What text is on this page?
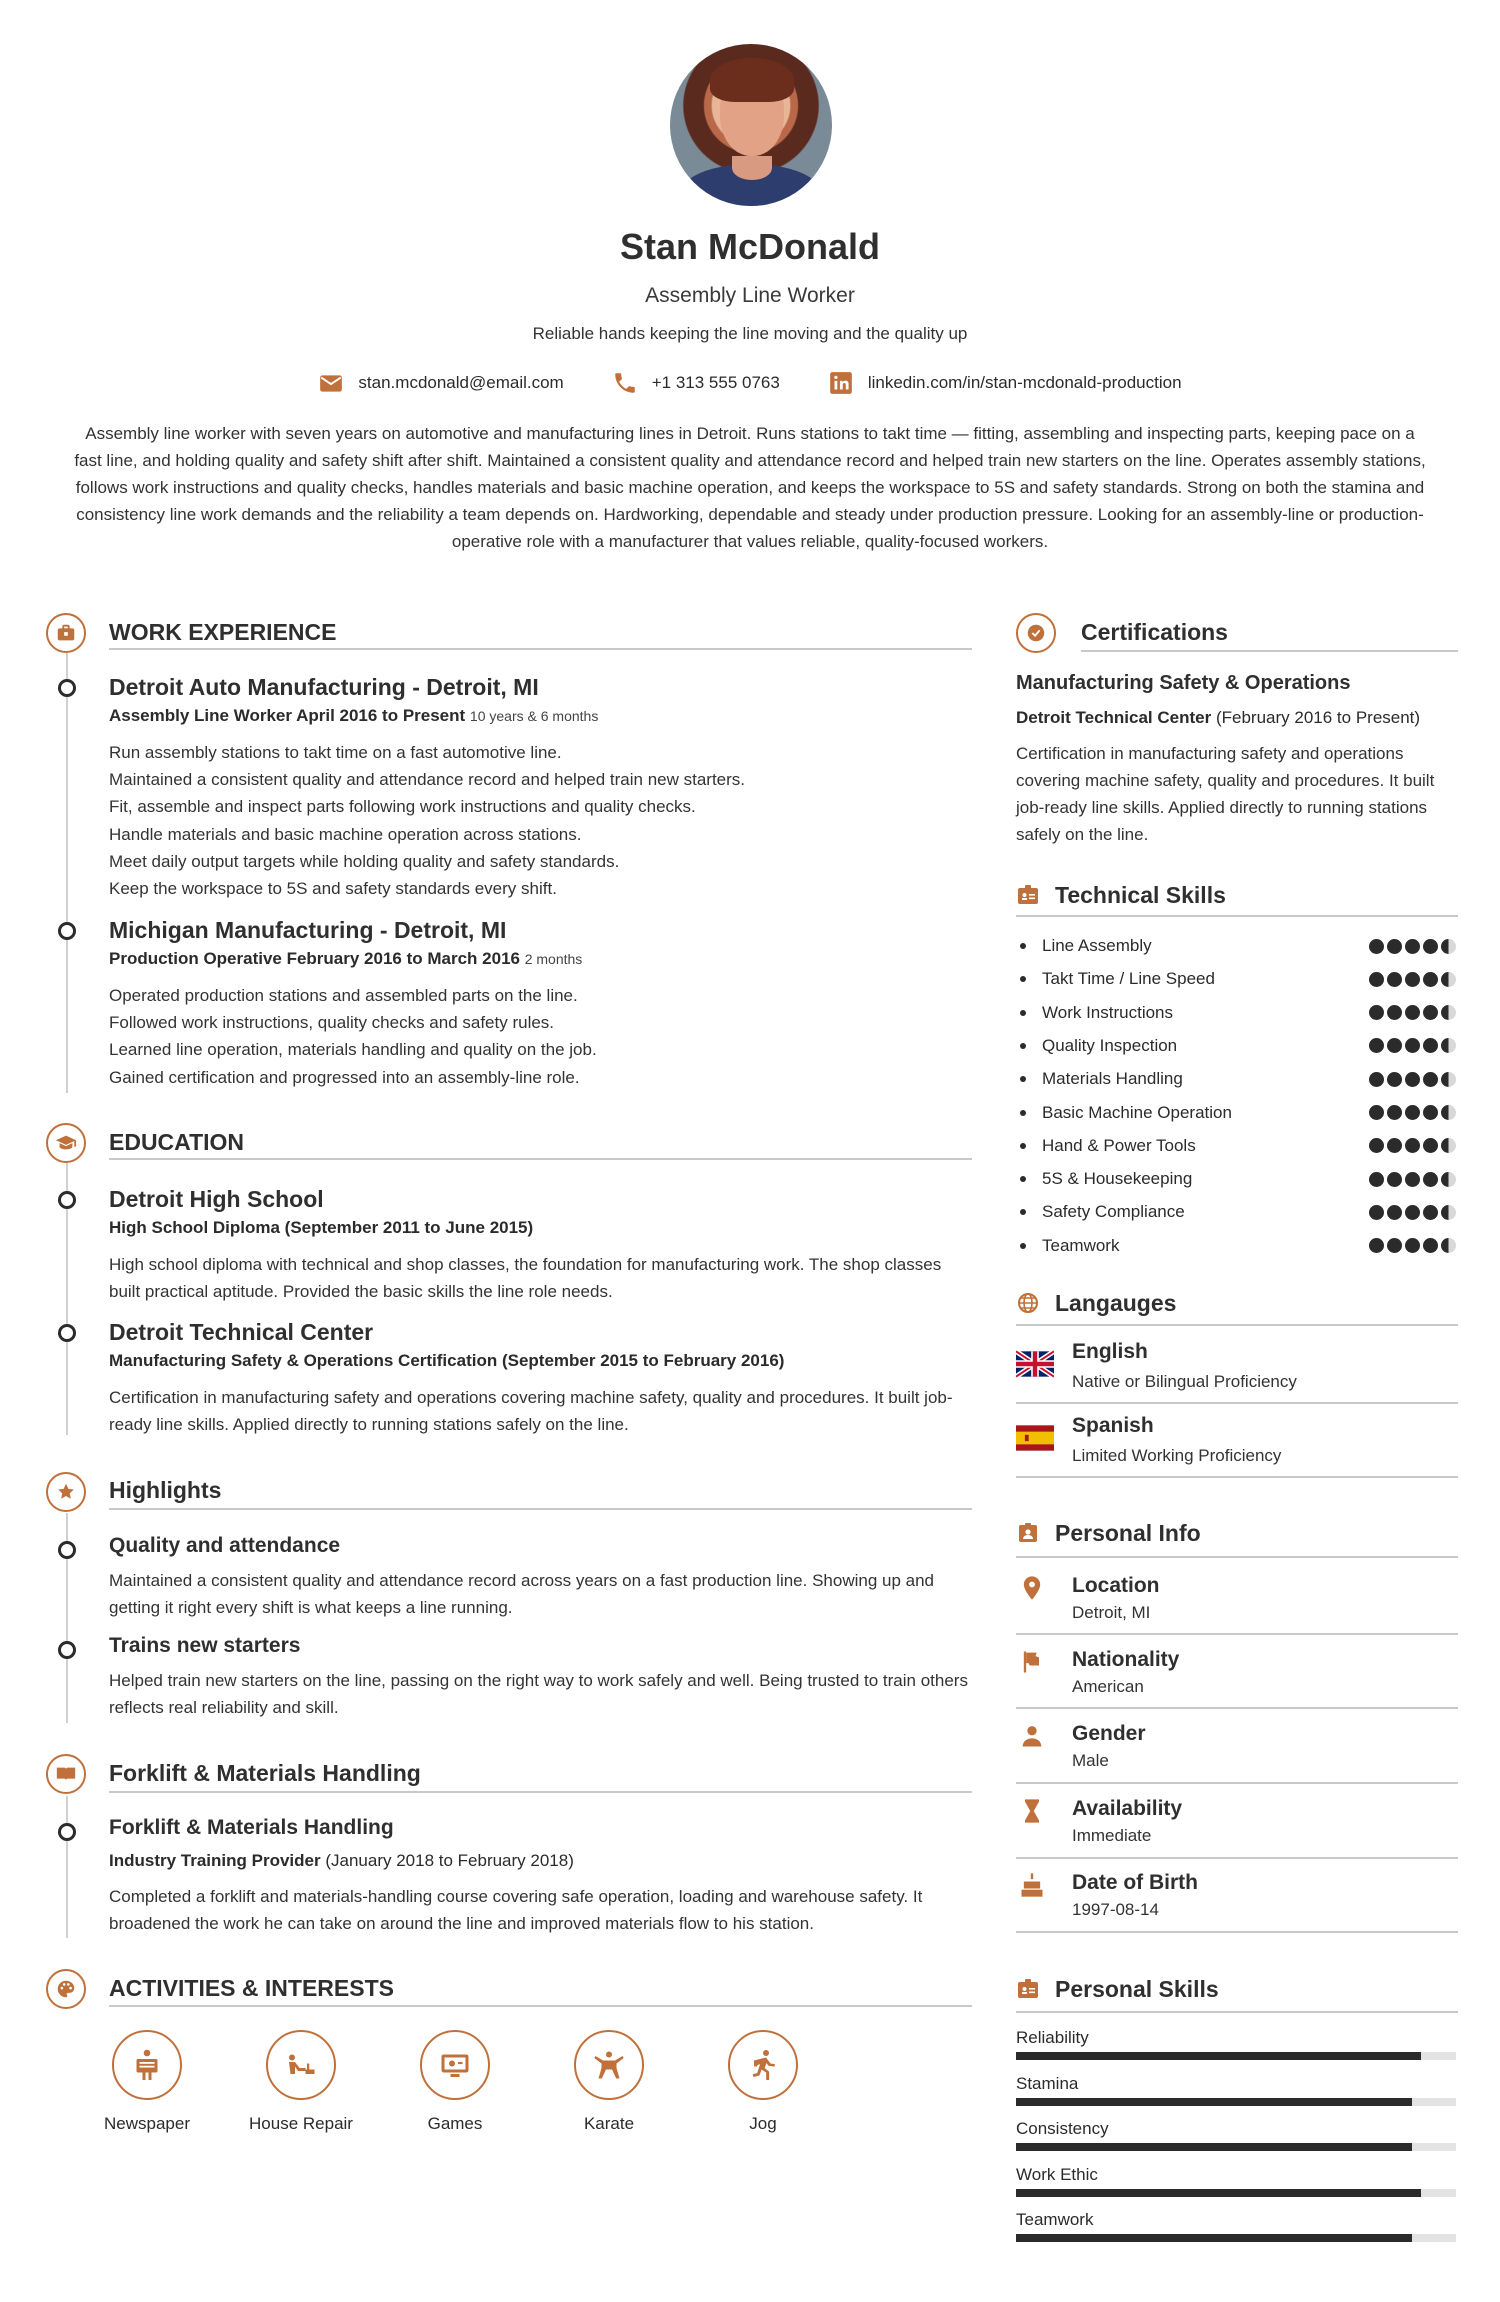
Stan McDonald
Assembly Line Worker
Reliable hands keeping the line moving and the quality up
stan.mcdonald@email.com	+1 313 555 0763	linkedin.com/in/stan-mcdonald-production
Assembly line worker with seven years on automotive and manufacturing lines in Detroit. Runs stations to takt time — fitting, assembling and inspecting parts, keeping pace on a fast line, and holding quality and safety shift after shift. Maintained a consistent quality and attendance record and helped train new starters on the line. Operates assembly stations, follows work instructions and quality checks, handles materials and basic machine operation, and keeps the workspace to 5S and safety standards. Strong on both the stamina and consistency line work demands and the reliability a team depends on. Hardworking, dependable and steady under production pressure. Looking for an assembly-line or production-operative role with a manufacturer that values reliable, quality-focused workers.
WORK EXPERIENCE
Detroit Auto Manufacturing - Detroit, MI
Assembly Line Worker April 2016 to Present 10 years & 6 months
Run assembly stations to takt time on a fast automotive line.
Maintained a consistent quality and attendance record and helped train new starters.
Fit, assemble and inspect parts following work instructions and quality checks.
Handle materials and basic machine operation across stations.
Meet daily output targets while holding quality and safety standards.
Keep the workspace to 5S and safety standards every shift.
Michigan Manufacturing - Detroit, MI
Production Operative February 2016 to March 2016 2 months
Operated production stations and assembled parts on the line.
Followed work instructions, quality checks and safety rules.
Learned line operation, materials handling and quality on the job.
Gained certification and progressed into an assembly-line role.
EDUCATION
Detroit High School
High School Diploma (September 2011 to June 2015)
High school diploma with technical and shop classes, the foundation for manufacturing work. The shop classes built practical aptitude. Provided the basic skills the line role needs.
Detroit Technical Center
Manufacturing Safety & Operations Certification (September 2015 to February 2016)
Certification in manufacturing safety and operations covering machine safety, quality and procedures. It built job-ready line skills. Applied directly to running stations safely on the line.
Highlights
Quality and attendance
Maintained a consistent quality and attendance record across years on a fast production line. Showing up and getting it right every shift is what keeps a line running.
Trains new starters
Helped train new starters on the line, passing on the right way to work safely and well. Being trusted to train others reflects real reliability and skill.
Forklift & Materials Handling
Forklift & Materials Handling
Industry Training Provider (January 2018 to February 2018)
Completed a forklift and materials-handling course covering safe operation, loading and warehouse safety. It broadened the work he can take on around the line and improved materials flow to his station.
ACTIVITIES & INTERESTS
Newspaper	House Repair	Games	Karate	Jog
Certifications
Manufacturing Safety & Operations
Detroit Technical Center (February 2016 to Present)
Certification in manufacturing safety and operations covering machine safety, quality and procedures. It built job-ready line skills. Applied directly to running stations safely on the line.
Technical Skills
Line Assembly
Takt Time / Line Speed
Work Instructions
Quality Inspection
Materials Handling
Basic Machine Operation
Hand & Power Tools
5S & Housekeeping
Safety Compliance
Teamwork
Langauges
English
Native or Bilingual Proficiency
Spanish
Limited Working Proficiency
Personal Info
Location
Detroit, MI
Nationality
American
Gender
Male
Availability
Immediate
Date of Birth
1997-08-14
Personal Skills
Reliability
Stamina
Consistency
Work Ethic
Teamwork
